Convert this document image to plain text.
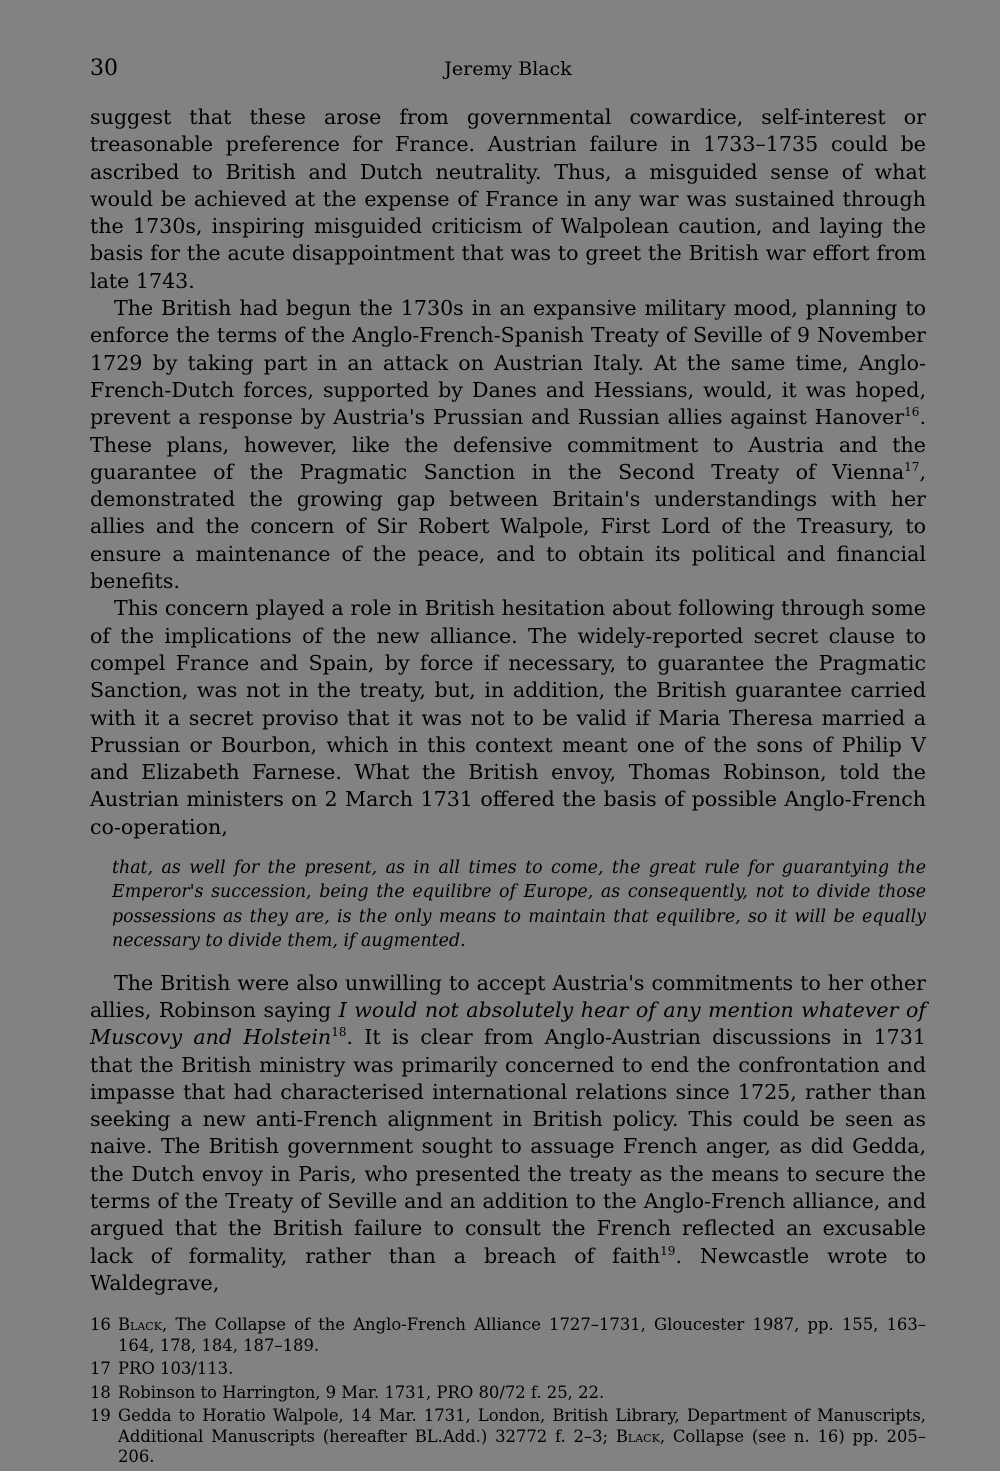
30	Jeremy Black

suggest that these arose from governmental cowardice, self-interest or treasonable preference for France. Austrian failure in 1733–1735 could be ascribed to British and Dutch neutrality. Thus, a misguided sense of what would be achieved at the expense of France in any war was sustained through the 1730s, inspiring misguided criticism of Walpolean caution, and laying the basis for the acute disappointment that was to greet the British war effort from late 1743.

The British had begun the 1730s in an expansive military mood, planning to enforce the terms of the Anglo-French-Spanish Treaty of Seville of 9 November 1729 by taking part in an attack on Austrian Italy. At the same time, Anglo-French-Dutch forces, supported by Danes and Hessians, would, it was hoped, prevent a response by Austria's Prussian and Russian allies against Hanover$^{16}$. These plans, however, like the defensive commitment to Austria and the guarantee of the Pragmatic Sanction in the Second Treaty of Vienna$^{17}$, demonstrated the growing gap between Britain's understandings with her allies and the concern of Sir Robert Walpole, First Lord of the Treasury, to ensure a maintenance of the peace, and to obtain its political and financial benefits.

This concern played a role in British hesitation about following through some of the implications of the new alliance. The widely-reported secret clause to compel France and Spain, by force if necessary, to guarantee the Pragmatic Sanction, was not in the treaty, but, in addition, the British guarantee carried with it a secret proviso that it was not to be valid if Maria Theresa married a Prussian or Bourbon, which in this context meant one of the sons of Philip V and Elizabeth Farnese. What the British envoy, Thomas Robinson, told the Austrian ministers on 2 March 1731 offered the basis of possible Anglo-French co-operation,

that, as well for the present, as in all times to come, the great rule for guarantying the Emperor's succession, being the equilibre of Europe, as consequently, not to divide those possessions as they are, is the only means to maintain that equilibre, so it will be equally necessary to divide them, if augmented.

The British were also unwilling to accept Austria's commitments to her other allies, Robinson saying I would not absolutely hear of any mention whatever of Muscovy and Holstein$^{18}$. It is clear from Anglo-Austrian discussions in 1731 that the British ministry was primarily concerned to end the confrontation and impasse that had characterised international relations since 1725, rather than seeking a new anti-French alignment in British policy. This could be seen as naive. The British government sought to assuage French anger, as did Gedda, the Dutch envoy in Paris, who presented the treaty as the means to secure the terms of the Treaty of Seville and an addition to the Anglo-French alliance, and argued that the British failure to consult the French reflected an excusable lack of formality, rather than a breach of faith$^{19}$. Newcastle wrote to Waldegrave,

16 Black, The Collapse of the Anglo-French Alliance 1727–1731, Gloucester 1987, pp. 155, 163–164, 178, 184, 187–189.
17 PRO 103/113.
18 Robinson to Harrington, 9 Mar. 1731, PRO 80/72 f. 25, 22.
19 Gedda to Horatio Walpole, 14 Mar. 1731, London, British Library, Department of Manuscripts, Additional Manuscripts (hereafter BL.Add.) 32772 f. 2–3; Black, Collapse (see n. 16) pp. 205–206.
